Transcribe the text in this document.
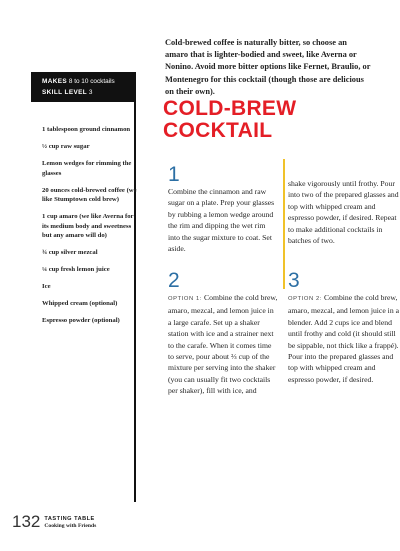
Cold-brewed coffee is naturally bitter, so choose an amaro that is lighter-bodied and sweet, like Averna or Nonino. Avoid more bitter options like Fernet, Braulio, or Montenegro for this cocktail (though those are delicious on their own).

MAKES 8 to 10 cocktails
SKILL LEVEL 3
1 tablespoon ground cinnamon
½ cup raw sugar
Lemon wedges for rimming the glasses
20 ounces cold-brewed coffee (we like Stumptown cold brew)
1 cup amaro (we like Averna for its medium body and sweetness but any amaro will do)
¾ cup silver mezcal
¼ cup fresh lemon juice
Ice
Whipped cream (optional)
Espresso powder (optional)
COLD-BREW
COCKTAIL
1

Combine the cinnamon and raw sugar on a plate. Prep your glasses by rubbing a lemon wedge around the rim and dipping the wet rim into the sugar mixture to coat. Set aside.

shake vigorously until frothy. Pour into two of the prepared glasses and top with whipped cream and espresso powder, if desired. Repeat to make additional cocktails in batches of two.

2

OPTION 1: Combine the cold brew, amaro, mezcal, and lemon juice in a large carafe. Set up a shaker station with ice and a strainer next to the carafe. When it comes time to serve, pour about ⅔ cup of the mixture per serving into the shaker (you can usually fit two cocktails per shaker), fill with ice, and

3

OPTION 2: Combine the cold brew, amaro, mezcal, and lemon juice in a blender. Add 2 cups ice and blend until frothy and cold (it should still be sippable, not thick like a frappé). Pour into the prepared glasses and top with whipped cream and espresso powder, if desired.

132 TASTING TABLE
Cooking with Friends
